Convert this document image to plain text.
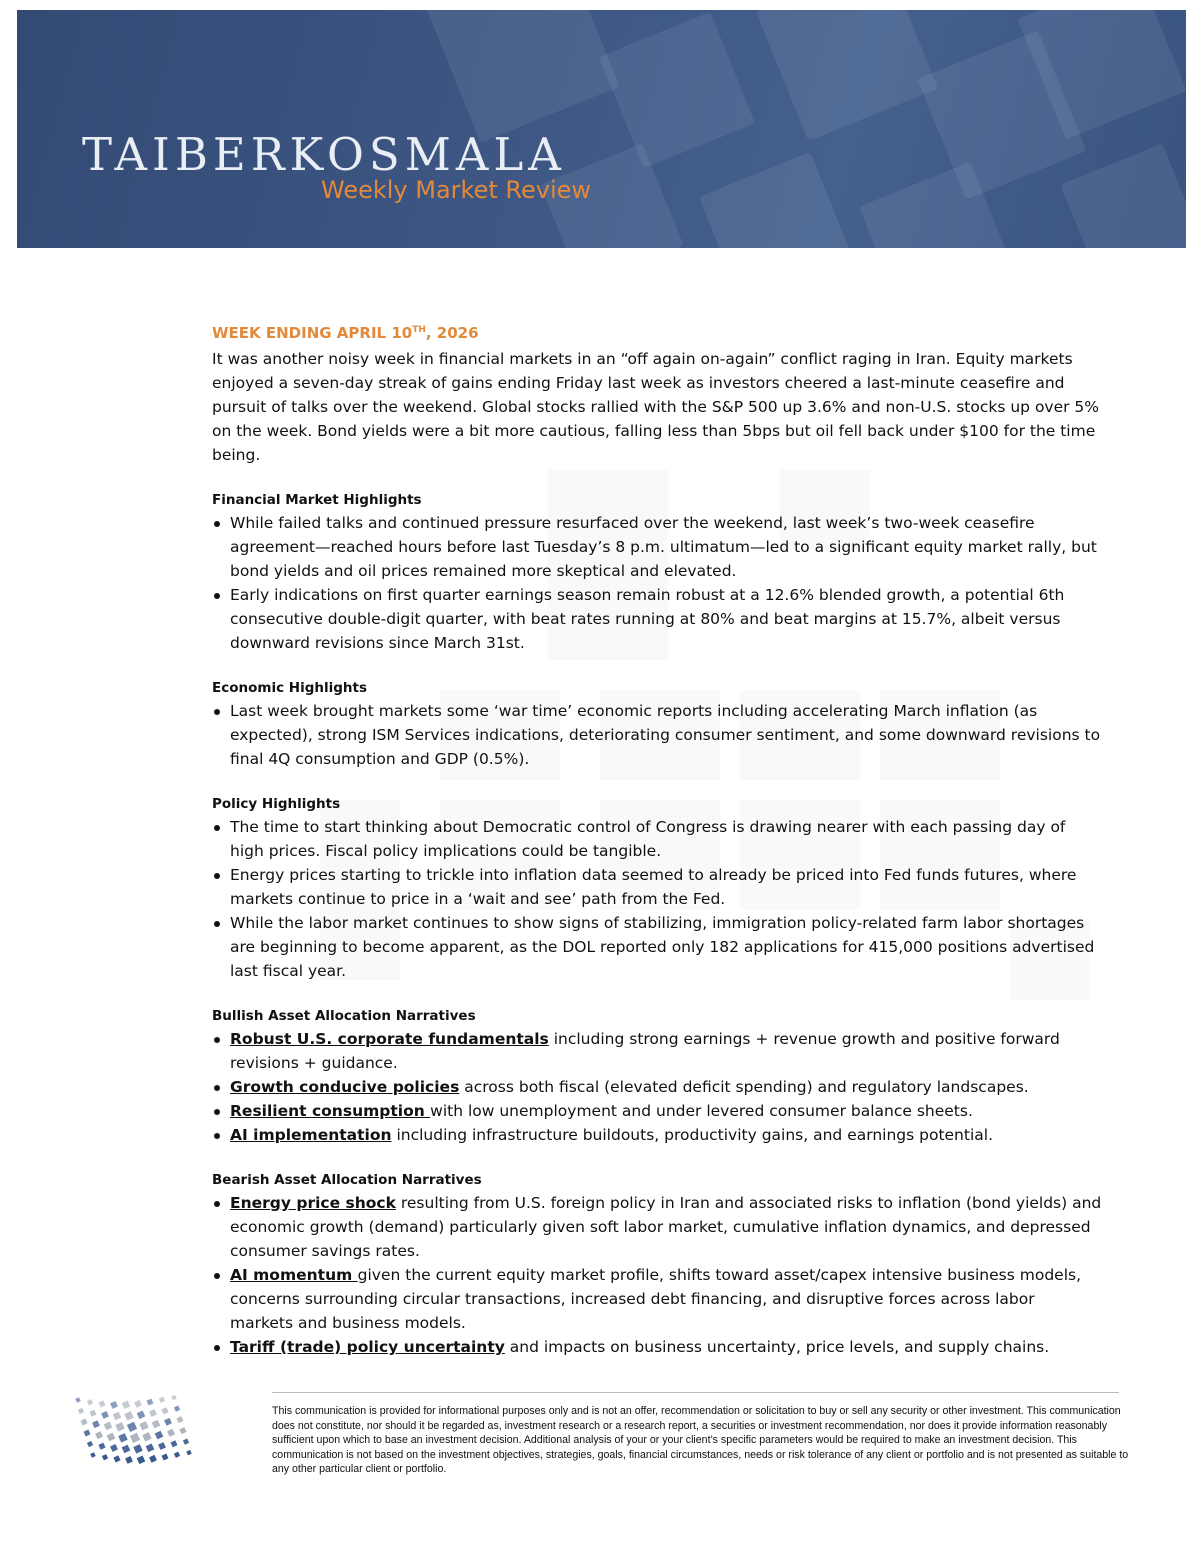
TAIBERKOSMALA
Weekly Market Review
WEEK ENDING APRIL 10TH, 2026

It was another noisy week in financial markets in an “off again on-again” conflict raging in Iran. Equity markets enjoyed a seven-day streak of gains ending Friday last week as investors cheered a last-minute ceasefire and pursuit of talks over the weekend. Global stocks rallied with the S&P 500 up 3.6% and non-U.S. stocks up over 5% on the week. Bond yields were a bit more cautious, falling less than 5bps but oil fell back under $100 for the time being.

Financial Market Highlights
While failed talks and continued pressure resurfaced over the weekend, last week’s two-week ceasefire agreement—reached hours before last Tuesday’s 8 p.m. ultimatum—led to a significant equity market rally, but bond yields and oil prices remained more skeptical and elevated.
Early indications on first quarter earnings season remain robust at a 12.6% blended growth, a potential 6th consecutive double-digit quarter, with beat rates running at 80% and beat margins at 15.7%, albeit versus downward revisions since March 31st.
Economic Highlights
Last week brought markets some ‘war time’ economic reports including accelerating March inflation (as expected), strong ISM Services indications, deteriorating consumer sentiment, and some downward revisions to final 4Q consumption and GDP (0.5%).
Policy Highlights
The time to start thinking about Democratic control of Congress is drawing nearer with each passing day of high prices. Fiscal policy implications could be tangible.
Energy prices starting to trickle into inflation data seemed to already be priced into Fed funds futures, where markets continue to price in a ‘wait and see’ path from the Fed.
While the labor market continues to show signs of stabilizing, immigration policy-related farm labor shortages are beginning to become apparent, as the DOL reported only 182 applications for 415,000 positions advertised last fiscal year.
Bullish Asset Allocation Narratives
Robust U.S. corporate fundamentals including strong earnings + revenue growth and positive forward revisions + guidance.
Growth conducive policies across both fiscal (elevated deficit spending) and regulatory landscapes.
Resilient consumption with low unemployment and under levered consumer balance sheets.
AI implementation including infrastructure buildouts, productivity gains, and earnings potential.
Bearish Asset Allocation Narratives
Energy price shock resulting from U.S. foreign policy in Iran and associated risks to inflation (bond yields) and economic growth (demand) particularly given soft labor market, cumulative inflation dynamics, and depressed consumer savings rates.
AI momentum given the current equity market profile, shifts toward asset/capex intensive business models, concerns surrounding circular transactions, increased debt financing, and disruptive forces across labor markets and business models.
Tariff (trade) policy uncertainty and impacts on business uncertainty, price levels, and supply chains.

This communication is provided for informational purposes only and is not an offer, recommendation or solicitation to buy or sell any security or other investment. This communication does not constitute, nor should it be regarded as, investment research or a research report, a securities or investment recommendation, nor does it provide information reasonably sufficient upon which to base an investment decision. Additional analysis of your or your client’s specific parameters would be required to make an investment decision. This communication is not based on the investment objectives, strategies, goals, financial circumstances, needs or risk tolerance of any client or portfolio and is not presented as suitable to any other particular client or portfolio.
